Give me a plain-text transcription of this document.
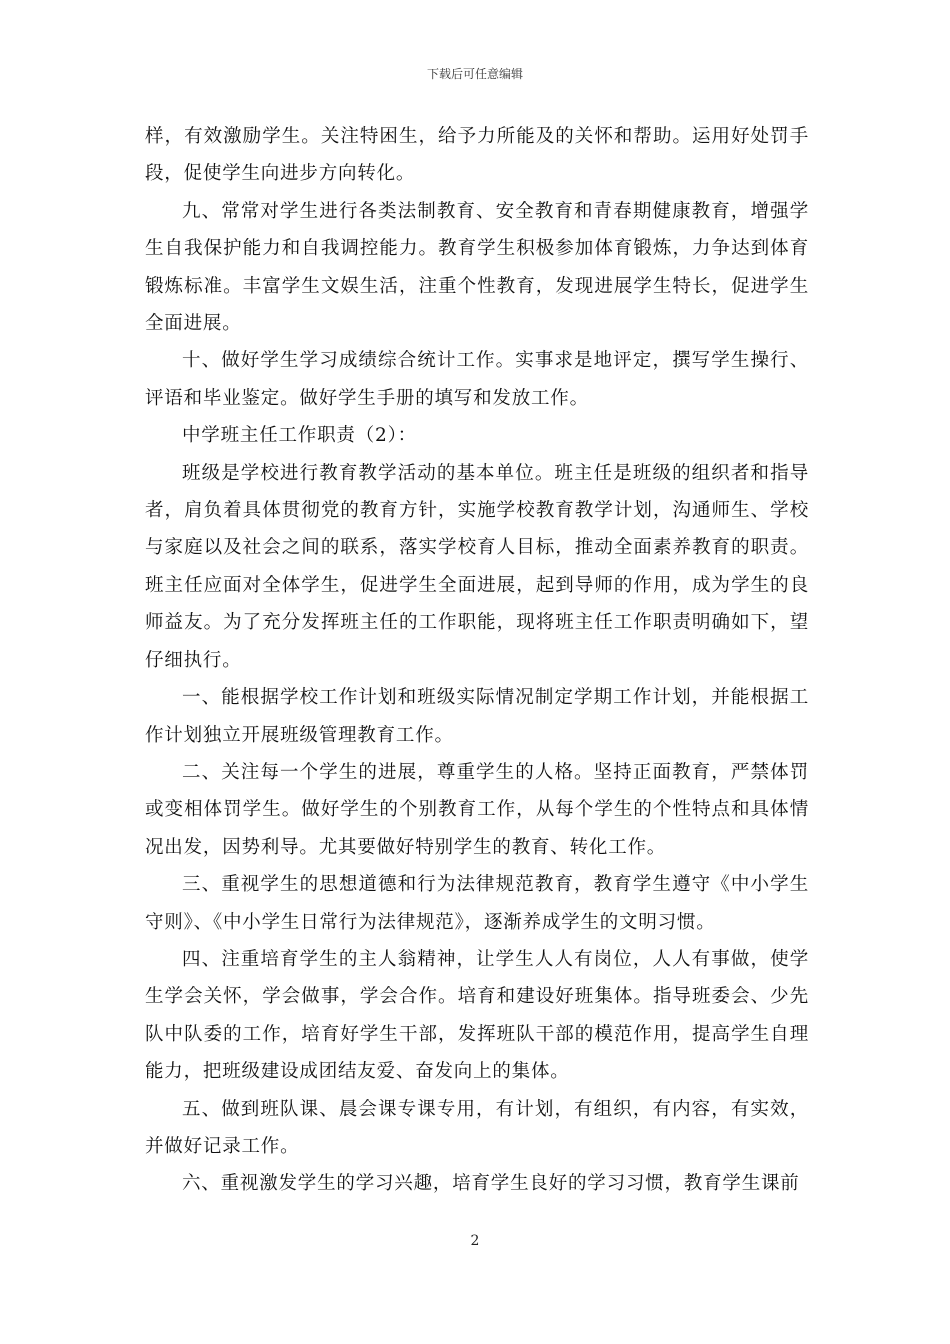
下载后可任意编辑

样，有效激励学生。关注特困生，给予力所能及的关怀和帮助。运用好处罚手段，促使学生向进步方向转化。

九、常常对学生进行各类法制教育、安全教育和青春期健康教育，增强学生自我保护能力和自我调控能力。教育学生积极参加体育锻炼，力争达到体育锻炼标准。丰富学生文娱生活，注重个性教育，发现进展学生特长，促进学生全面进展。

十、做好学生学习成绩综合统计工作。实事求是地评定，撰写学生操行、评语和毕业鉴定。做好学生手册的填写和发放工作。

中学班主任工作职责（2）：

班级是学校进行教育教学活动的基本单位。班主任是班级的组织者和指导者，肩负着具体贯彻党的教育方针，实施学校教育教学计划，沟通师生、学校与家庭以及社会之间的联系，落实学校育人目标，推动全面素养教育的职责。班主任应面对全体学生，促进学生全面进展，起到导师的作用，成为学生的良师益友。为了充分发挥班主任的工作职能，现将班主任工作职责明确如下，望仔细执行。

一、能根据学校工作计划和班级实际情况制定学期工作计划，并能根据工作计划独立开展班级管理教育工作。

二、关注每一个学生的进展，尊重学生的人格。坚持正面教育，严禁体罚或变相体罚学生。做好学生的个别教育工作，从每个学生的个性特点和具体情况出发，因势利导。尤其要做好特别学生的教育、转化工作。

三、重视学生的思想道德和行为法律规范教育，教育学生遵守《中小学生守则》、《中小学生日常行为法律规范》，逐渐养成学生的文明习惯。

四、注重培育学生的主人翁精神，让学生人人有岗位，人人有事做，使学生学会关怀，学会做事，学会合作。培育和建设好班集体。指导班委会、少先队中队委的工作，培育好学生干部，发挥班队干部的模范作用，提高学生自理能力，把班级建设成团结友爱、奋发向上的集体。

五、做到班队课、晨会课专课专用，有计划，有组织，有内容，有实效，并做好记录工作。

六、重视激发学生的学习兴趣，培育学生良好的学习习惯，教育学生课前

2
